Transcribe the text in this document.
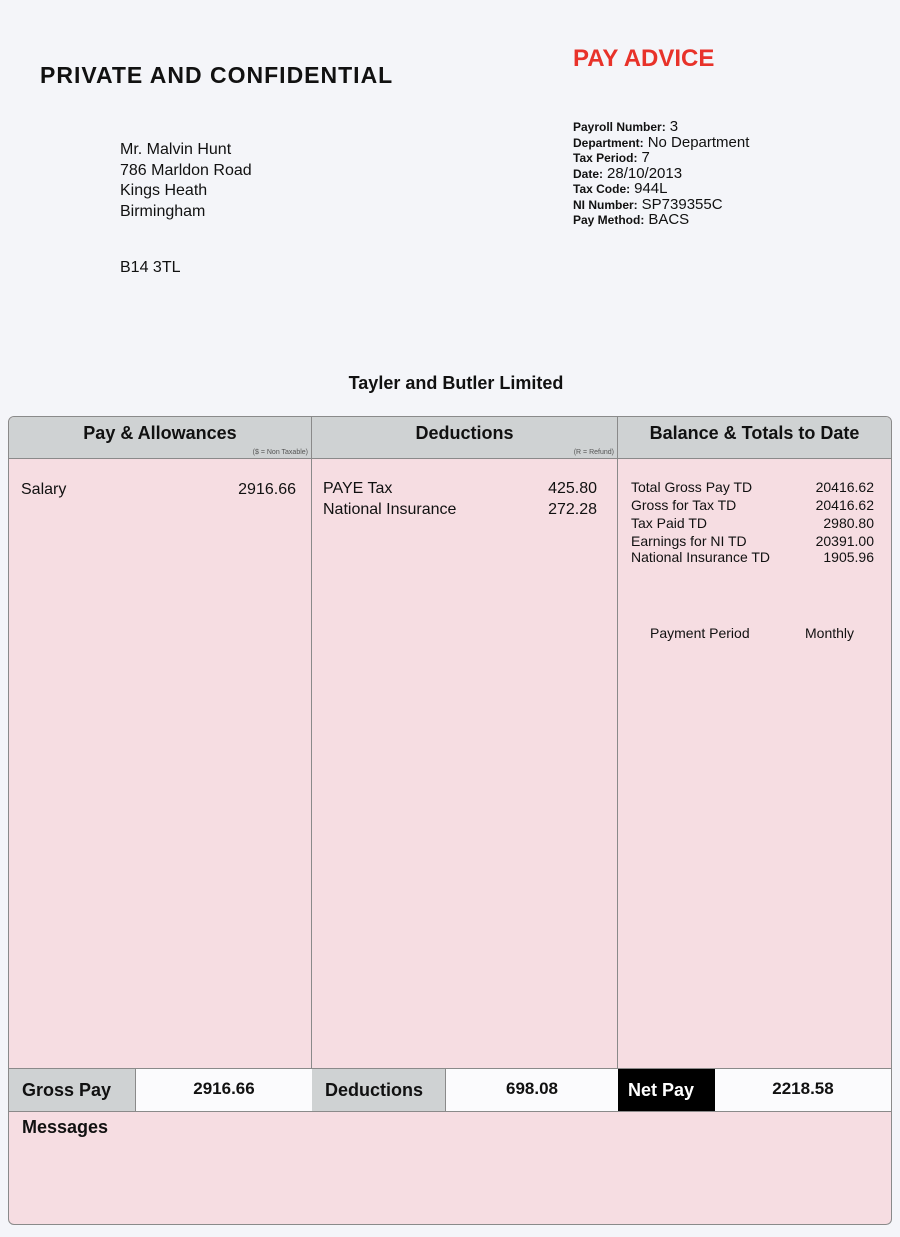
PRIVATE AND CONFIDENTIAL
PAY ADVICE
Mr. Malvin Hunt
786 Marldon Road
Kings Heath
Birmingham
B14 3TL
Payroll Number: 3
Department: No Department
Tax Period: 7
Date: 28/10/2013
Tax Code: 944L
NI Number: SP739355C
Pay Method: BACS
Tayler and Butler Limited
Pay & Allowances
($ = Non Taxable)
Deductions
(R = Refund)
Balance & Totals to Date
Salary	2916.66 PAYE Tax	425.80
National Insurance	272.28
Total Gross Pay TD	20416.62
Gross for Tax TD	20416.62
Tax Paid TD	2980.80
Earnings for NI TD	20391.00
National Insurance TD	1905.96
Payment Period	Monthly
Gross Pay	2916.66	Deductions	698.08	Net Pay	2218.58
Messages
